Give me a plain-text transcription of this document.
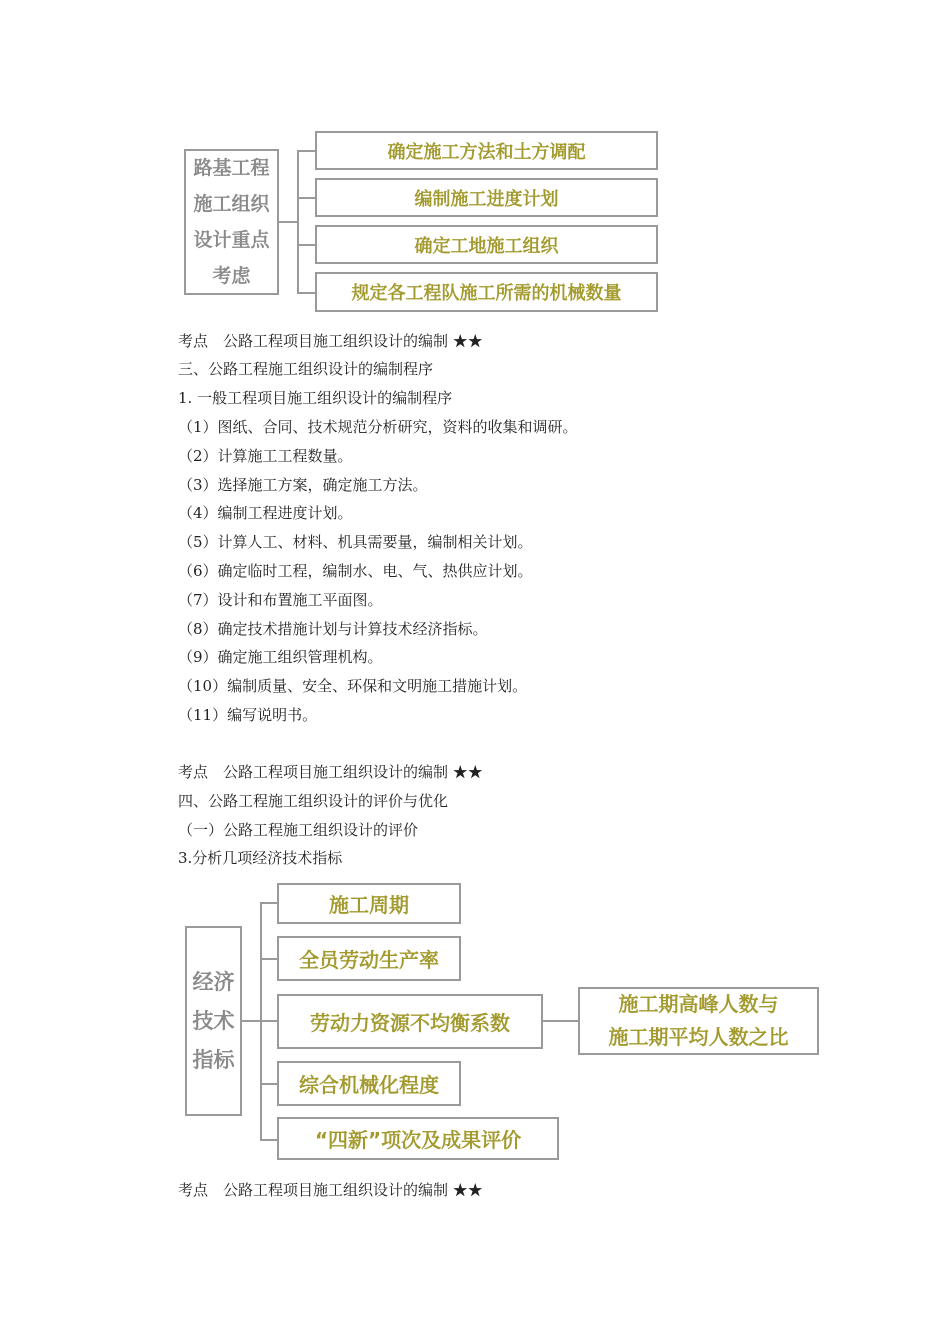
路基工程
施工组织
设计重点
考虑
确定施工方法和土方调配
编制施工进度计划
确定工地施工组织
规定各工程队施工所需的机械数量
考点　公路工程项目施工组织设计的编制 ★★
三、公路工程施工组织设计的编制程序
1. 一般工程项目施工组织设计的编制程序
（1）图纸、合同、技术规范分析研究，资料的收集和调研。
（2）计算施工工程数量。
（3）选择施工方案，确定施工方法。
（4）编制工程进度计划。
（5）计算人工、材料、机具需要量，编制相关计划。
（6）确定临时工程，编制水、电、气、热供应计划。
（7）设计和布置施工平面图。
（8）确定技术措施计划与计算技术经济指标。
（9）确定施工组织管理机构。
（10）编制质量、安全、环保和文明施工措施计划。
（11）编写说明书。
考点　公路工程项目施工组织设计的编制 ★★
四、公路工程施工组织设计的评价与优化
（一）公路工程施工组织设计的评价
3.分析几项经济技术指标
经济
技术
指标
施工周期
全员劳动生产率
劳动力资源不均衡系数
综合机械化程度
“四新”项次及成果评价
施工期高峰人数与
施工期平均人数之比
考点　公路工程项目施工组织设计的编制 ★★
